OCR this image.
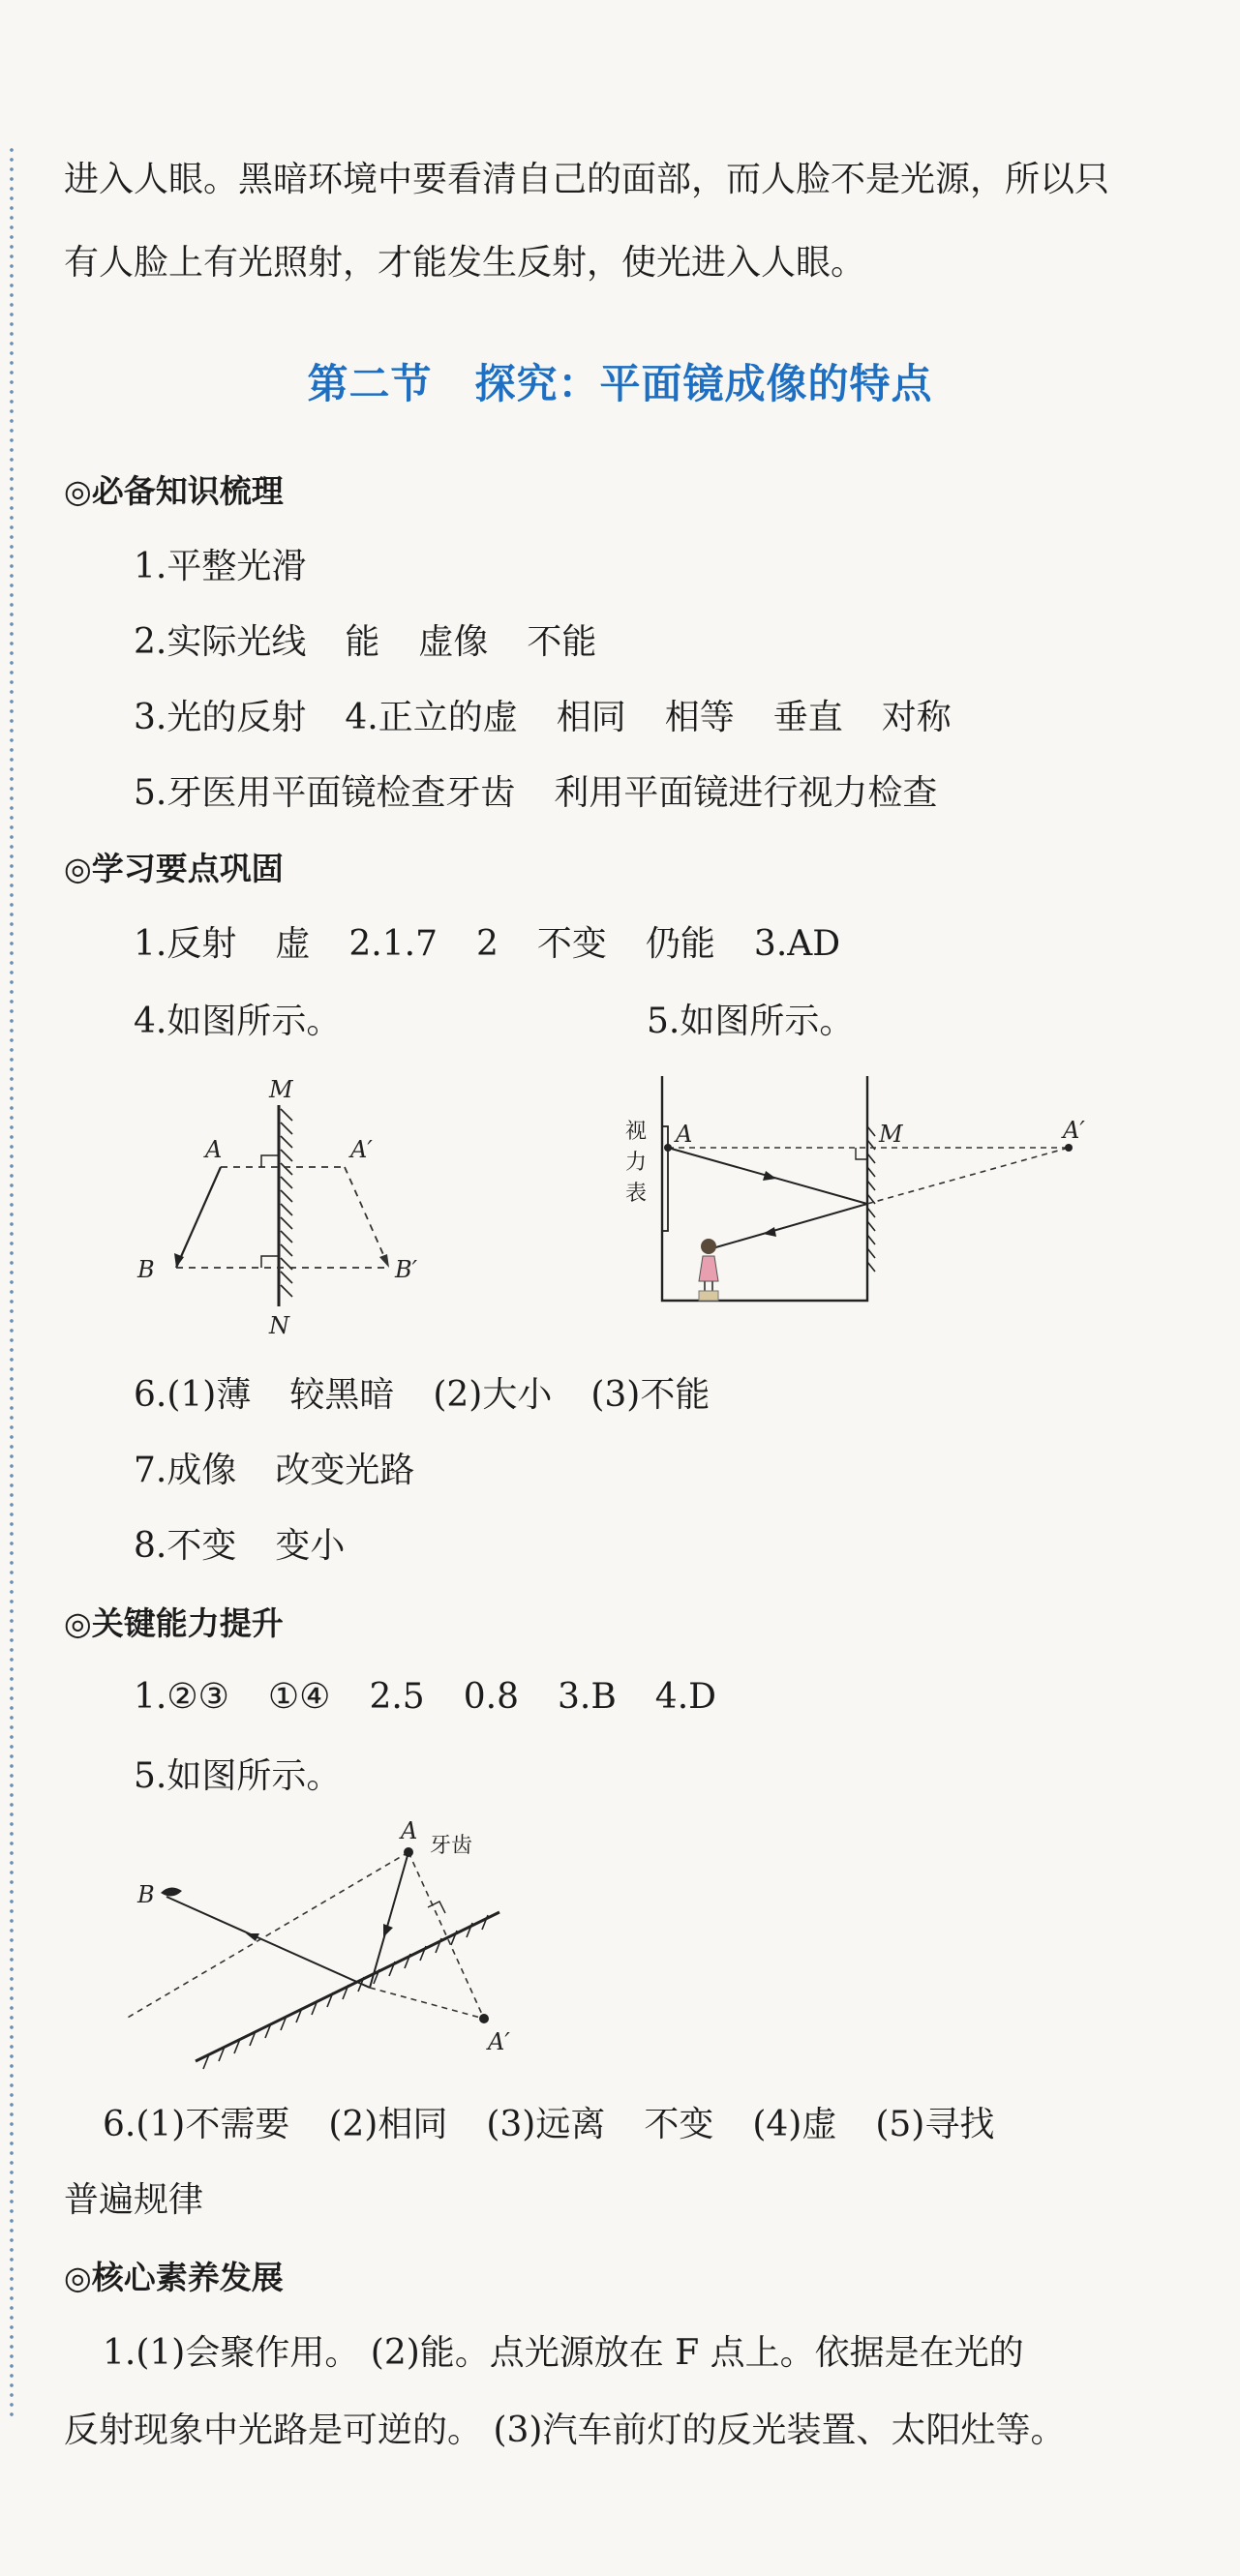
进入人眼。黑暗环境中要看清自己的面部，而人脸不是光源，所以只
有人脸上有光照射，才能发生反射，使光进入人眼。
第二节 探究：平面镜成像的特点
◎必备知识梳理
1.平整光滑
2.实际光线 能 虚像 不能
3.光的反射 4.正立的虚 相同 相等 垂直 对称
5.牙医用平面镜检查牙齿 利用平面镜进行视力检查
◎学习要点巩固
1.反射 虚 2.1.7 2 不变 仍能 3.AD
4.如图所示。	5.如图所示。
M
N
A	A′
B	B′
视
力
表
A	M	A′
6.(1)薄 较黑暗 (2)大小 (3)不能
7.成像 改变光路
8.不变 变小
◎关键能力提升
1.②③ ①④ 2.5 0.8 3.B 4.D
5.如图所示。
A
牙齿
B
A′
6.(1)不需要 (2)相同 (3)远离 不变 (4)虚 (5)寻找
普遍规律
◎核心素养发展
1.(1)会聚作用。 (2)能。点光源放在 F 点上。依据是在光的
反射现象中光路是可逆的。 (3)汽车前灯的反光装置、太阳灶等。
